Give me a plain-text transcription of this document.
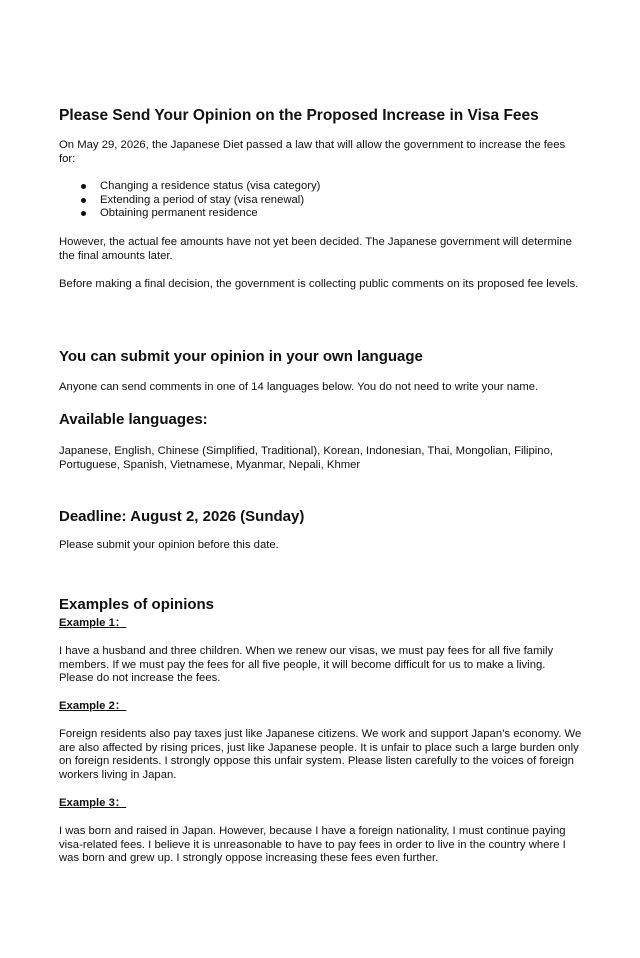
Please Send Your Opinion on the Proposed Increase in Visa Fees

On May 29, 2026, the Japanese Diet passed a law that will allow the government to increase the fees for:

Changing a residence status (visa category)
Extending a period of stay (visa renewal)
Obtaining permanent residence

However, the actual fee amounts have not yet been decided. The Japanese government will determine the final amounts later.

Before making a final decision, the government is collecting public comments on its proposed fee levels.

You can submit your opinion in your own language

Anyone can send comments in one of 14 languages below. You do not need to write your name.

Available languages:

Japanese, English, Chinese (Simplified, Traditional), Korean, Indonesian, Thai, Mongolian, Filipino, Portuguese, Spanish, Vietnamese, Myanmar, Nepali, Khmer

Deadline: August 2, 2026 (Sunday)

Please submit your opinion before this date.

Examples of opinions
Example 1：

I have a husband and three children. When we renew our visas, we must pay fees for all five family members. If we must pay the fees for all five people, it will become difficult for us to make a living. Please do not increase the fees.

Example 2：

Foreign residents also pay taxes just like Japanese citizens. We work and support Japan’s economy. We are also affected by rising prices, just like Japanese people. It is unfair to place such a large burden only on foreign residents. I strongly oppose this unfair system. Please listen carefully to the voices of foreign workers living in Japan.

Example 3：

I was born and raised in Japan. However, because I have a foreign nationality, I must continue paying visa-related fees. I believe it is unreasonable to have to pay fees in order to live in the country where I was born and grew up. I strongly oppose increasing these fees even further.
